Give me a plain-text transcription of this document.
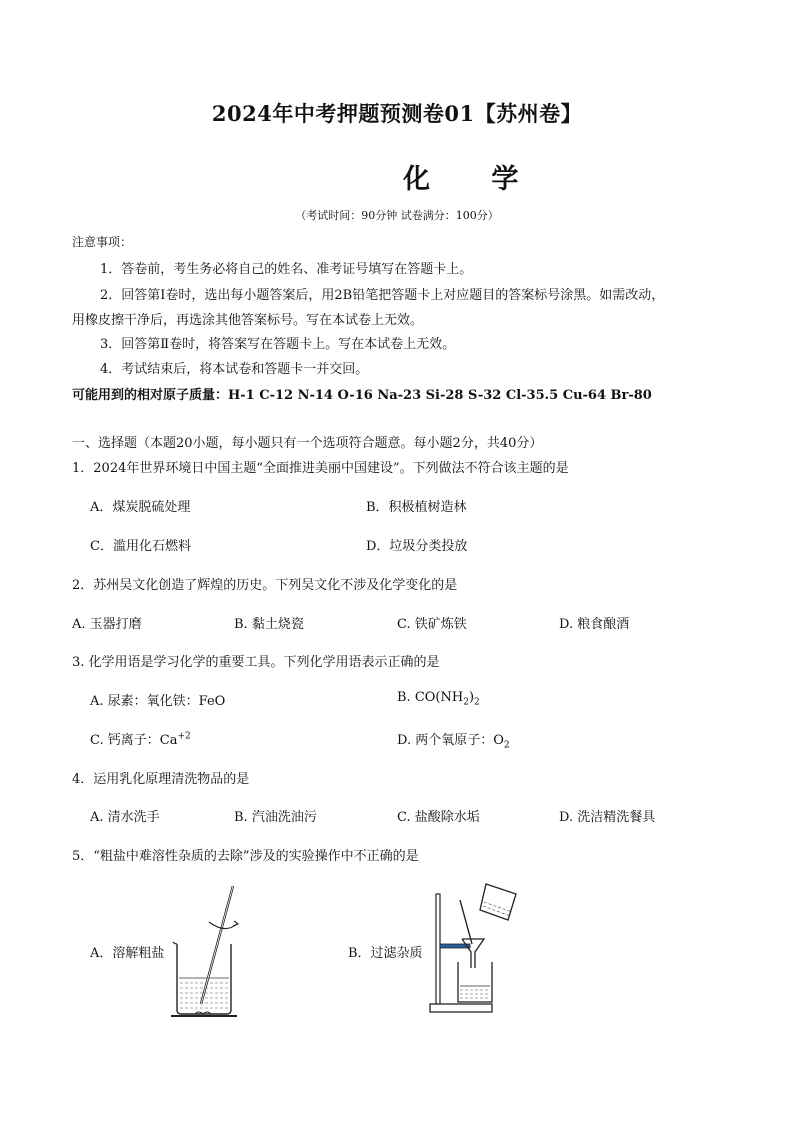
2024年中考押题预测卷01【苏州卷】
化 学
（考试时间：90分钟 试卷满分：100分）
注意事项：
1．答卷前，考生务必将自己的姓名、准考证号填写在答题卡上。
2．回答第Ⅰ卷时，选出每小题答案后，用2B铅笔把答题卡上对应题目的答案标号涂黑。如需改动，
用橡皮擦干净后，再选涂其他答案标号。写在本试卷上无效。
3．回答第Ⅱ卷时，将答案写在答题卡上。写在本试卷上无效。
4．考试结束后，将本试卷和答题卡一并交回。
可能用到的相对原子质量：H-1 C-12 N-14 O-16 Na-23 Si-28 S-32 Cl-35.5 Cu-64 Br-80
一、选择题（本题20小题，每小题只有一个选项符合题意。每小题2分，共40分）
1．2024年世界环境日中国主题“全面推进美丽中国建设”。下列做法不符合该主题的是
A．煤炭脱硫处理	B．积极植树造林
C．滥用化石燃料	D．垃圾分类投放
2．苏州吴文化创造了辉煌的历史。下列吴文化不涉及化学变化的是
A. 玉器打磨	B. 黏土烧瓷	C. 铁矿炼铁	D. 粮食酿酒
3. 化学用语是学习化学的重要工具。下列化学用语表示正确的是
A. 尿素：氧化铁：FeO	B. $CO(NH_2)_2$
C. 钙离子：$Ca^{+2}$	D. 两个氧原子：$O_2$
4．运用乳化原理清洗物品的是
A. 清水洗手	B. 汽油洗油污	C. 盐酸除水垢	D. 洗洁精洗餐具
5．“粗盐中难溶性杂质的去除”涉及的实验操作中不正确的是
A．溶解粗盐	B．过滤杂质
